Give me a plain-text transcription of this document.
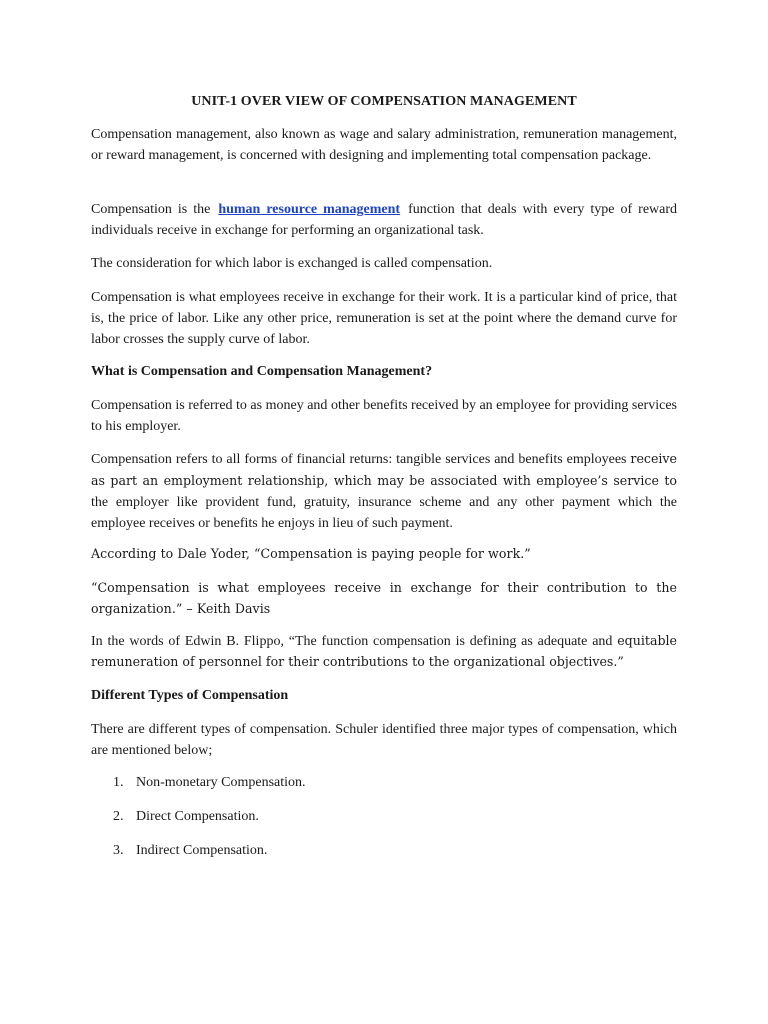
UNIT-1 OVER VIEW OF COMPENSATION MANAGEMENT

Compensation management, also known as wage and salary administration, remuneration management, or reward management, is concerned with designing and implementing total compensation package.

Compensation is the human resource management function that deals with every type of reward individuals receive in exchange for performing an organizational task.

The consideration for which labor is exchanged is called compensation.

Compensation is what employees receive in exchange for their work. It is a particular kind of price, that is, the price of labor. Like any other price, remuneration is set at the point where the demand curve for labor crosses the supply curve of labor.

What is Compensation and Compensation Management?

Compensation is referred to as money and other benefits received by an employee for providing services to his employer.

Compensation refers to all forms of financial returns: tangible services and benefits employees receive as part an employment relationship, which may be associated with employee’s service to the employer like provident fund, gratuity, insurance scheme and any other payment which the employee receives or benefits he enjoys in lieu of such payment.

According to Dale Yoder, “Compensation is paying people for work.”

“Compensation is what employees receive in exchange for their contribution to the organization.” – Keith Davis

In the words of Edwin B. Flippo, “The function compensation is defining as adequate and equitable remuneration of personnel for their contributions to the organizational objectives.”

Different Types of Compensation

There are different types of compensation. Schuler identified three major types of compensation, which are mentioned below;

1. Non-monetary Compensation.
2. Direct Compensation.
3. Indirect Compensation.
